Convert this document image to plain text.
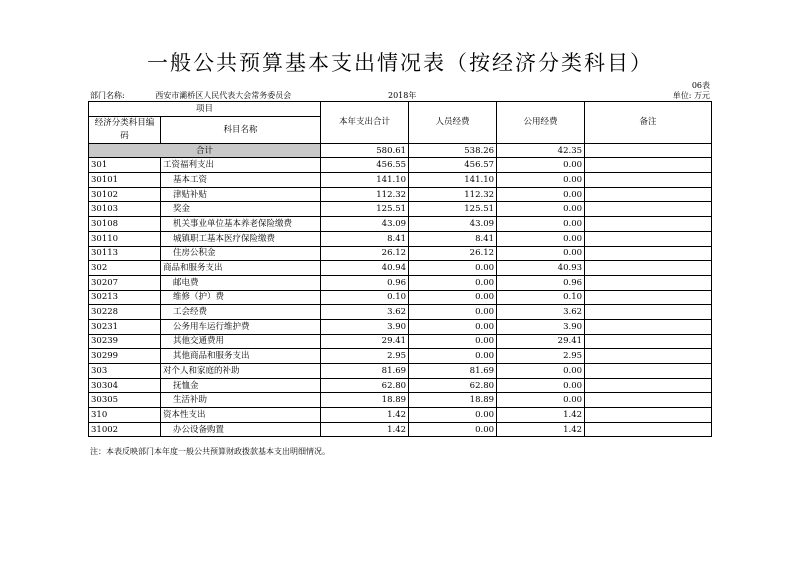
一般公共预算基本支出情况表（按经济分类科目）
06表
部门名称:	西安市灞桥区人民代表大会常务委员会	2018年	单位: 万元
项目		本年支出合计	人员经费	公用经费	备注
经济分类科目编码	科目名称				

合计		580.61	538.26	42.35	
301	工资福利支出	456.55	456.57	0.00	
30101	基本工资	141.10	141.10	0.00	
30102	津贴补贴	112.32	112.32	0.00	
30103	奖金	125.51	125.51	0.00	
30108	机关事业单位基本养老保险缴费	43.09	43.09	0.00	
30110	城镇职工基本医疗保险缴费	8.41	8.41	0.00	
30113	住房公积金	26.12	26.12	0.00	
302	商品和服务支出	40.94	0.00	40.93	
30207	邮电费	0.96	0.00	0.96	
30213	维修（护）费	0.10	0.00	0.10	
30228	工会经费	3.62	0.00	3.62	
30231	公务用车运行维护费	3.90	0.00	3.90	
30239	其他交通费用	29.41	0.00	29.41	
30299	其他商品和服务支出	2.95	0.00	2.95	
303	对个人和家庭的补助	81.69	81.69	0.00	
30304	抚恤金	62.80	62.80	0.00	
30305	生活补助	18.89	18.89	0.00	
310	资本性支出	1.42	0.00	1.42	
31002	办公设备购置	1.42	0.00	1.42	
注：本表反映部门本年度一般公共预算财政拨款基本支出明细情况。
